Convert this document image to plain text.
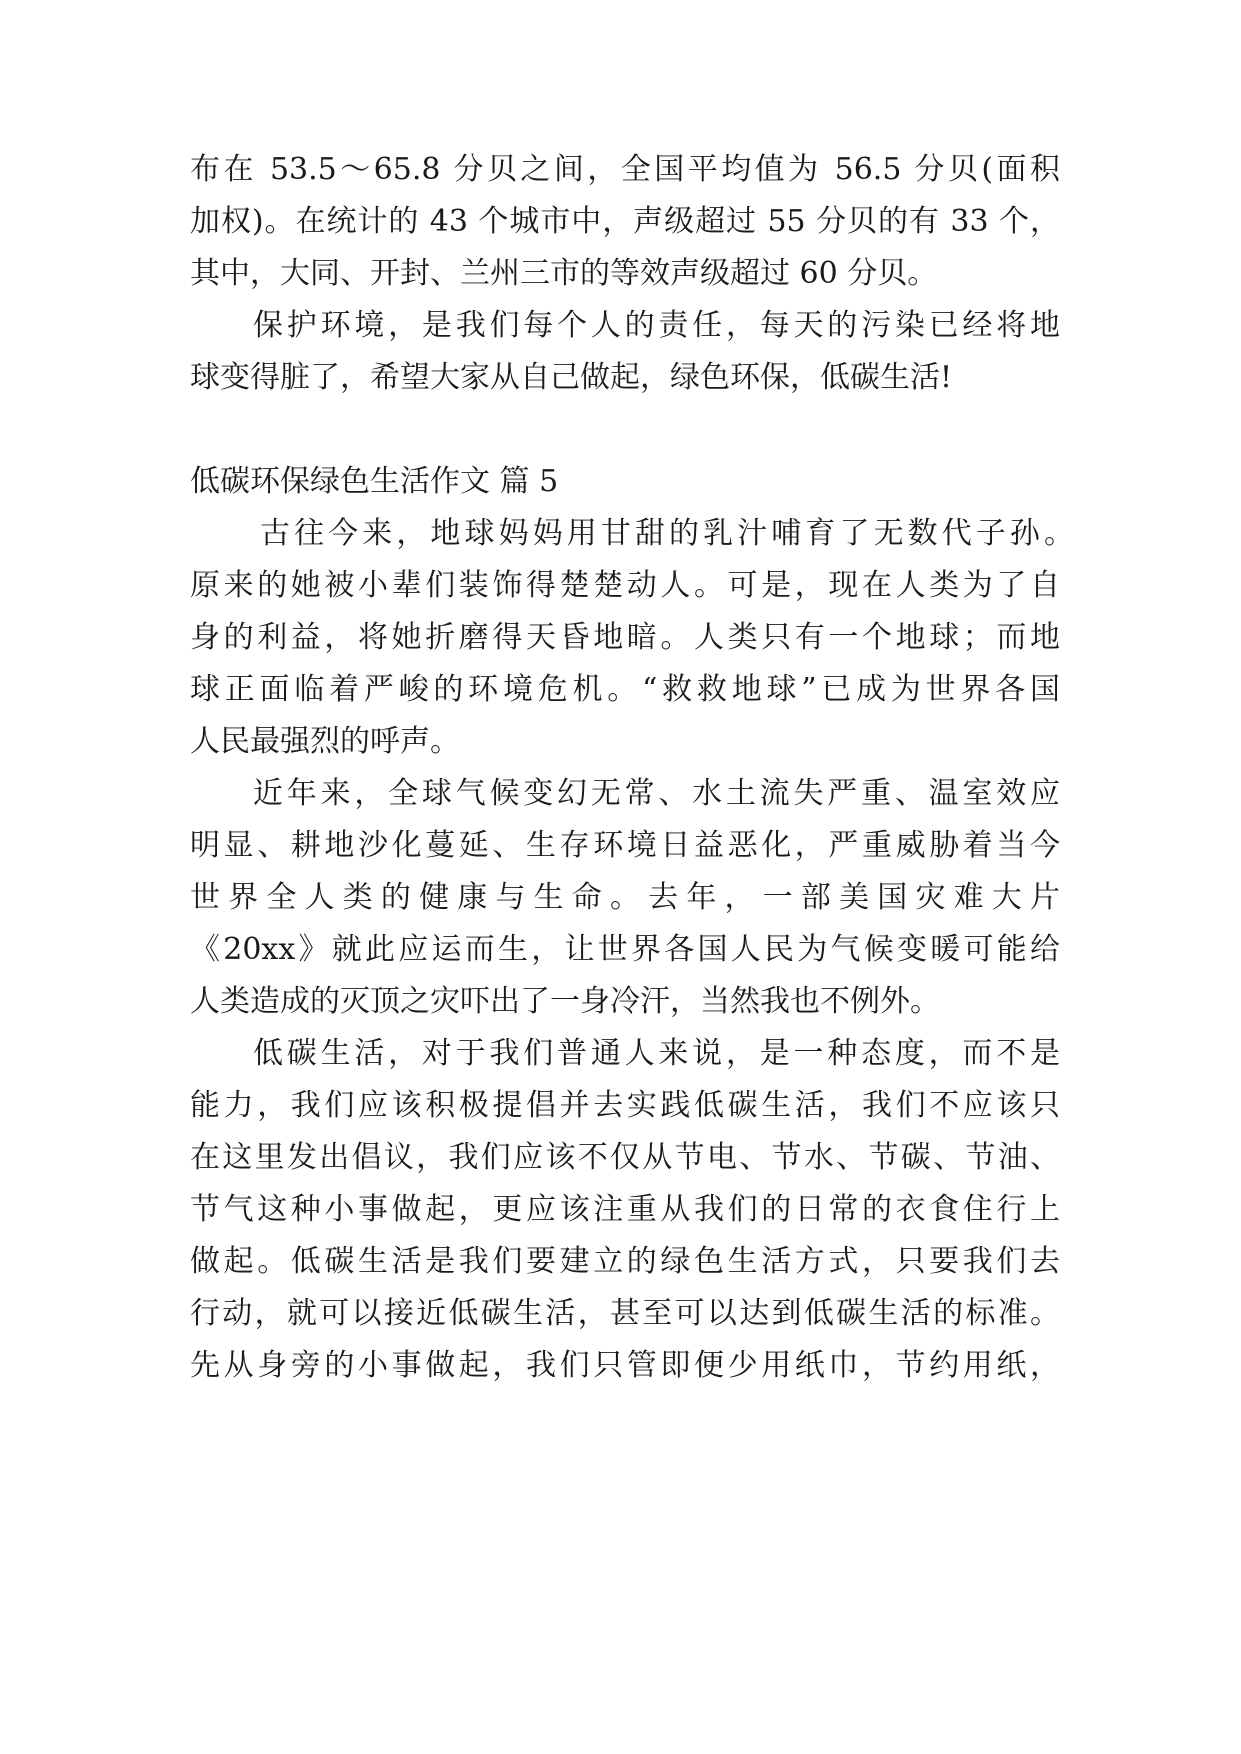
布在 53.5～65.8 分贝之间，全国平均值为 56.5 分贝(面积
加权)。在统计的 43 个城市中，声级超过 55 分贝的有 33 个，
其中，大同、开封、兰州三市的等效声级超过 60 分贝。
保护环境，是我们每个人的责任，每天的污染已经将地
球变得脏了，希望大家从自己做起，绿色环保，低碳生活!
低碳环保绿色生活作文 篇 5
古往今来，地球妈妈用甘甜的乳汁哺育了无数代子孙。
原来的她被小辈们装饰得楚楚动人。可是，现在人类为了自
身的利益，将她折磨得天昏地暗。人类只有一个地球；而地
球正面临着严峻的环境危机。“救救地球”已成为世界各国
人民最强烈的呼声。
近年来，全球气候变幻无常、水土流失严重、温室效应
明显、耕地沙化蔓延、生存环境日益恶化，严重威胁着当今
世界全人类的健康与生命。去年，一部美国灾难大片
《20xx》就此应运而生，让世界各国人民为气候变暖可能给
人类造成的灭顶之灾吓出了一身冷汗，当然我也不例外。
低碳生活，对于我们普通人来说，是一种态度，而不是
能力，我们应该积极提倡并去实践低碳生活，我们不应该只
在这里发出倡议，我们应该不仅从节电、节水、节碳、节油、
节气这种小事做起，更应该注重从我们的日常的衣食住行上
做起。低碳生活是我们要建立的绿色生活方式，只要我们去
行动，就可以接近低碳生活，甚至可以达到低碳生活的标准。
先从身旁的小事做起，我们只管即便少用纸巾，节约用纸，
